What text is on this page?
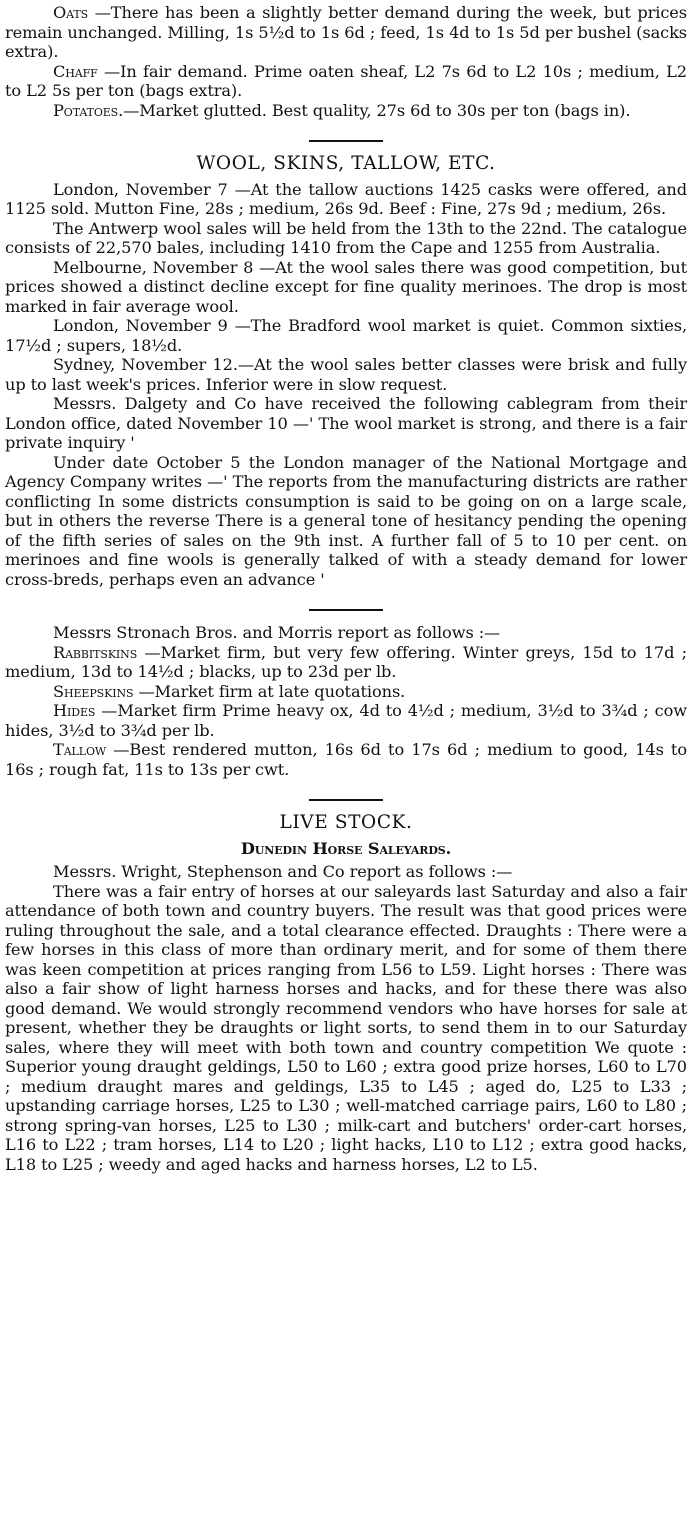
Oats —There has been a slightly better demand during the week, but prices remain unchanged. Milling, 1s 5½d to 1s 6d ; feed, 1s 4d to 1s 5d per bushel (sacks extra).

Chaff —In fair demand. Prime oaten sheaf, L2 7s 6d to L2 10s ; medium, L2 to L2 5s per ton (bags extra).

Potatoes.—Market glutted. Best quality, 27s 6d to 30s per ton (bags in).

WOOL, SKINS, TALLOW, ETC.

London, November 7 —At the tallow auctions 1425 casks were offered, and 1125 sold. Mutton Fine, 28s ; medium, 26s 9d. Beef : Fine, 27s 9d ; medium, 26s.

The Antwerp wool sales will be held from the 13th to the 22nd. The catalogue consists of 22,570 bales, including 1410 from the Cape and 1255 from Australia.

Melbourne, November 8 —At the wool sales there was good competition, but prices showed a distinct decline except for fine quality merinoes. The drop is most marked in fair average wool.

London, November 9 —The Bradford wool market is quiet. Common sixties, 17½d ; supers, 18½d.

Sydney, November 12.—At the wool sales better classes were brisk and fully up to last week's prices. Inferior were in slow request.

Messrs. Dalgety and Co have received the following cablegram from their London office, dated November 10 —' The wool market is strong, and there is a fair private inquiry '

Under date October 5 the London manager of the National Mortgage and Agency Company writes —' The reports from the manufacturing districts are rather conflicting In some districts consumption is said to be going on on a large scale, but in others the reverse There is a general tone of hesitancy pending the opening of the fifth series of sales on the 9th inst. A further fall of 5 to 10 per cent. on merinoes and fine wools is generally talked of with a steady demand for lower cross-breds, perhaps even an advance '

Messrs Stronach Bros. and Morris report as follows :—

Rabbitskins —Market firm, but very few offering. Winter greys, 15d to 17d ; medium, 13d to 14½d ; blacks, up to 23d per lb.

Sheepskins —Market firm at late quotations.

Hides —Market firm Prime heavy ox, 4d to 4½d ; medium, 3½d to 3¾d ; cow hides, 3½d to 3¾d per lb.

Tallow —Best rendered mutton, 16s 6d to 17s 6d ; medium to good, 14s to 16s ; rough fat, 11s to 13s per cwt.

LIVE STOCK.

Dunedin Horse Saleyards.

Messrs. Wright, Stephenson and Co report as follows :—

There was a fair entry of horses at our saleyards last Saturday and also a fair attendance of both town and country buyers. The result was that good prices were ruling throughout the sale, and a total clearance effected. Draughts : There were a few horses in this class of more than ordinary merit, and for some of them there was keen competition at prices ranging from L56 to L59. Light horses : There was also a fair show of light harness horses and hacks, and for these there was also good demand. We would strongly recommend vendors who have horses for sale at present, whether they be draughts or light sorts, to send them in to our Saturday sales, where they will meet with both town and country competition We quote : Superior young draught geldings, L50 to L60 ; extra good prize horses, L60 to L70 ; medium draught mares and geldings, L35 to L45 ; aged do, L25 to L33 ; upstanding carriage horses, L25 to L30 ; well-matched carriage pairs, L60 to L80 ; strong spring-van horses, L25 to L30 ; milk-cart and butchers' order-cart horses, L16 to L22 ; tram horses, L14 to L20 ; light hacks, L10 to L12 ; extra good hacks, L18 to L25 ; weedy and aged hacks and harness horses, L2 to L5.
